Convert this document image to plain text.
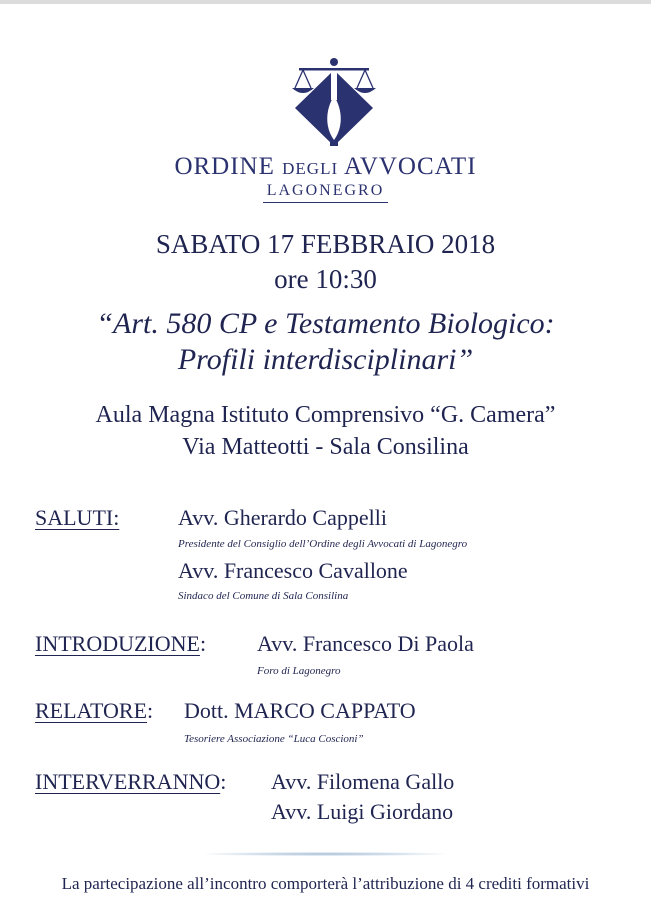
ORDINE DEGLI AVVOCATI
LAGONEGRO
SABATO 17 FEBBRAIO 2018
ore 10:30
“Art. 580 CP e Testamento Biologico:
Profili interdisciplinari”
Aula Magna Istituto Comprensivo “G. Camera”
Via Matteotti - Sala Consilina
SALUTI:	Avv. Gherardo Cappelli
Presidente del Consiglio dell’Ordine degli Avvocati di Lagonegro
Avv. Francesco Cavallone
Sindaco del Comune di Sala Consilina
INTRODUZIONE: Avv. Francesco Di Paola
Foro di Lagonegro
RELATORE: Dott. MARCO CAPPATO
Tesoriere Associazione “Luca Coscioni”
INTERVERRANNO: Avv. Filomena Gallo
Avv. Luigi Giordano
La partecipazione all’incontro comporterà l’attribuzione di 4 crediti formativi
